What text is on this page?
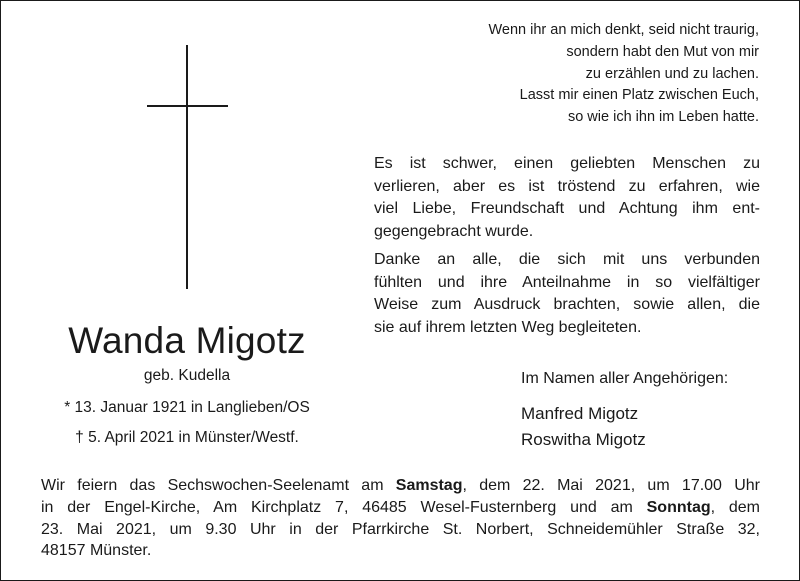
Wenn ihr an mich denkt, seid nicht traurig,
sondern habt den Mut von mir
zu erzählen und zu lachen.
Lasst mir einen Platz zwischen Euch,
so wie ich ihn im Leben hatte.
Wanda Migotz
geb. Kudella
* 13. Januar 1921 in Langlieben/OS
† 5. April 2021 in Münster/Westf.

Es ist schwer, einen geliebten Menschen zu
verlieren, aber es ist tröstend zu erfahren, wie
viel Liebe, Freundschaft und Achtung ihm ent-
gegengebracht wurde.

Danke an alle, die sich mit uns verbunden
fühlten und ihre Anteilnahme in so vielfältiger
Weise zum Ausdruck brachten, sowie allen, die
sie auf ihrem letzten Weg begleiteten.

Im Namen aller Angehörigen:
Manfred Migotz
Roswitha Migotz
Wir feiern das Sechswochen-Seelenamt am Samstag, dem 22. Mai 2021, um 17.00 Uhr
in der Engel-Kirche, Am Kirchplatz 7, 46485 Wesel-Fusternberg und am Sonntag, dem
23. Mai 2021, um 9.30 Uhr in der Pfarrkirche St. Norbert, Schneidemühler Straße 32,
48157 Münster.
